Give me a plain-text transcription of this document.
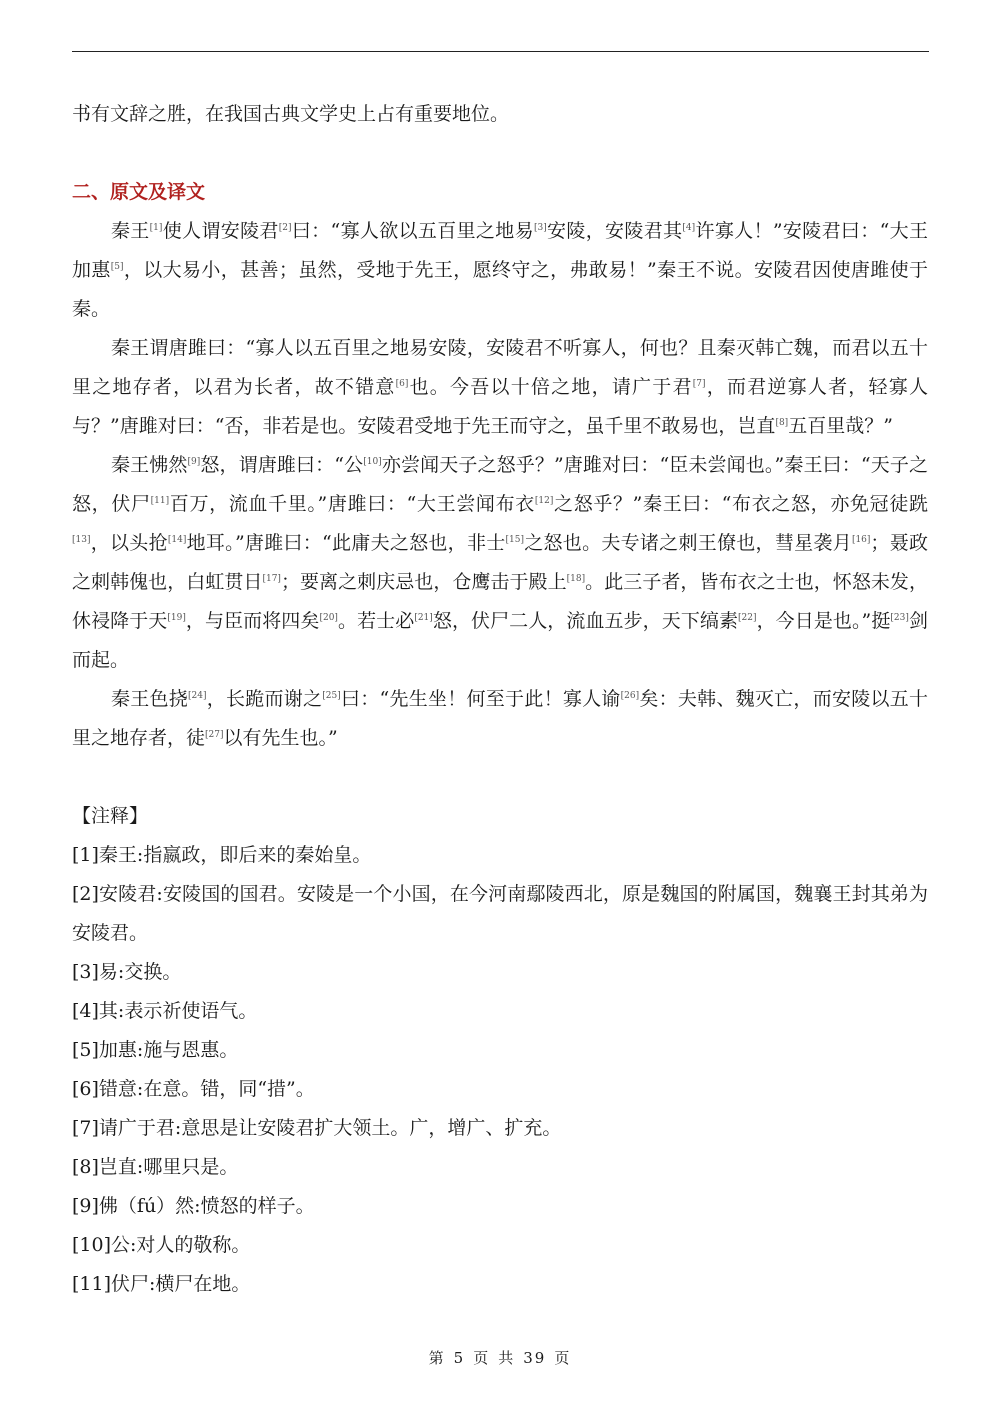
书有文辞之胜，在我国古典文学史上占有重要地位。

二、原文及译文

秦王[1]使人谓安陵君[2]曰：“寡人欲以五百里之地易[3]安陵，安陵君其[4]许寡人！”安陵君曰：“大王加惠[5]，以大易小，甚善；虽然，受地于先王，愿终守之，弗敢易！”秦王不说。安陵君因使唐雎使于秦。

秦王谓唐雎曰：“寡人以五百里之地易安陵，安陵君不听寡人，何也？且秦灭韩亡魏，而君以五十里之地存者，以君为长者，故不错意[6]也。今吾以十倍之地，请广于君[7]，而君逆寡人者，轻寡人与？”唐雎对曰：“否，非若是也。安陵君受地于先王而守之，虽千里不敢易也，岂直[8]五百里哉？”

秦王怫然[9]怒，谓唐雎曰：“公[10]亦尝闻天子之怒乎？”唐雎对曰：“臣未尝闻也。”秦王曰：“天子之怒，伏尸[11]百万，流血千里。”唐雎曰：“大王尝闻布衣[12]之怒乎？”秦王曰：“布衣之怒，亦免冠徒跣[13]，以头抢[14]地耳。”唐雎曰：“此庸夫之怒也，非士[15]之怒也。夫专诸之刺王僚也，彗星袭月[16]；聂政之刺韩傀也，白虹贯日[17]；要离之刺庆忌也，仓鹰击于殿上[18]。此三子者，皆布衣之士也，怀怒未发，休祲降于天[19]，与臣而将四矣[20]。若士必[21]怒，伏尸二人，流血五步，天下缟素[22]，今日是也。”挺[23]剑而起。

秦王色挠[24]，长跪而谢之[25]曰：“先生坐！何至于此！寡人谕[26]矣：夫韩、魏灭亡，而安陵以五十里之地存者，徒[27]以有先生也。”

【注释】

[1]秦王:指嬴政，即后来的秦始皇。

[2]安陵君:安陵国的国君。安陵是一个小国，在今河南鄢陵西北，原是魏国的附属国，魏襄王封其弟为安陵君。

[3]易:交换。

[4]其:表示祈使语气。

[5]加惠:施与恩惠。

[6]错意:在意。错，同“措”。

[7]请广于君:意思是让安陵君扩大领土。广，增广、扩充。

[8]岂直:哪里只是。

[9]佛（fú）然:愤怒的样子。

[10]公:对人的敬称。

[11]伏尸:横尸在地。

第 5 页 共 39 页
